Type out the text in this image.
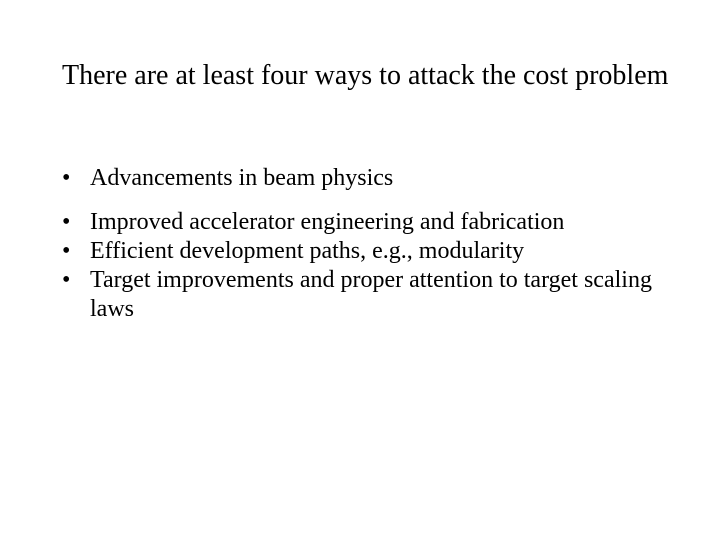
There are at least four ways to attack the cost problem
• Advancements in beam physics
• Improved accelerator engineering and fabrication
• Efficient development paths, e.g., modularity
• Target improvements and proper attention to target scaling laws
